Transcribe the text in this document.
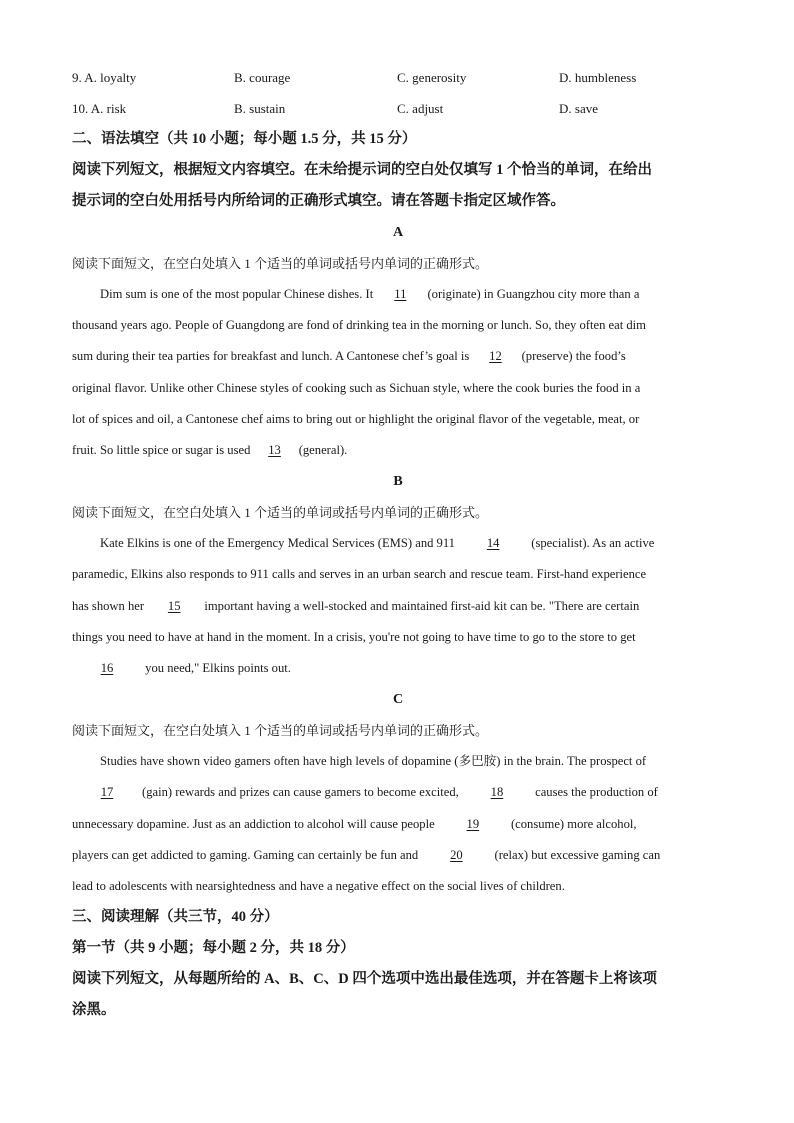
9. A. loyalty	B. courage	C. generosity	D. humbleness
10. A. risk	B. sustain	C. adjust	D. save
二、语法填空（共 10 小题；每小题 1.5 分，共 15 分）
阅读下列短文，根据短文内容填空。在未给提示词的空白处仅填写 1 个恰当的单词，在给出
提示词的空白处用括号内所给词的正确形式填空。请在答题卡指定区域作答。
A
阅读下面短文，在空白处填入 1 个适当的单词或括号内单词的正确形式。
Dim sum is one of the most popular Chinese dishes. It 11 (originate) in Guangzhou city more than a
thousand years ago. People of Guangdong are fond of drinking tea in the morning or lunch. So, they often eat dim
sum during their tea parties for breakfast and lunch. A Cantonese chef’s goal is 12 (preserve) the food’s
original flavor. Unlike other Chinese styles of cooking such as Sichuan style, where the cook buries the food in a
lot of spices and oil, a Cantonese chef aims to bring out or highlight the original flavor of the vegetable, meat, or
fruit. So little spice or sugar is used 13 (general).
B
阅读下面短文，在空白处填入 1 个适当的单词或括号内单词的正确形式。
Kate Elkins is one of the Emergency Medical Services (EMS) and 911 14 (specialist). As an active
paramedic, Elkins also responds to 911 calls and serves in an urban search and rescue team. First-hand experience
has shown her 15 important having a well-stocked and maintained first-aid kit can be. "There are certain
things you need to have at hand in the moment. In a crisis, you're not going to have time to go to the store to get
16 you need," Elkins points out.
C
阅读下面短文，在空白处填入 1 个适当的单词或括号内单词的正确形式。
Studies have shown video gamers often have high levels of dopamine (多巴胺) in the brain. The prospect of
17 (gain) rewards and prizes can cause gamers to become excited, 18 causes the production of
unnecessary dopamine. Just as an addiction to alcohol will cause people 19 (consume) more alcohol,
players can get addicted to gaming. Gaming can certainly be fun and 20 (relax) but excessive gaming can
lead to adolescents with nearsightedness and have a negative effect on the social lives of children.
三、阅读理解（共三节，40 分）
第一节（共 9 小题；每小题 2 分，共 18 分）
阅读下列短文，从每题所给的 A、B、C、D 四个选项中选出最佳选项，并在答题卡上将该项
涂黑。
